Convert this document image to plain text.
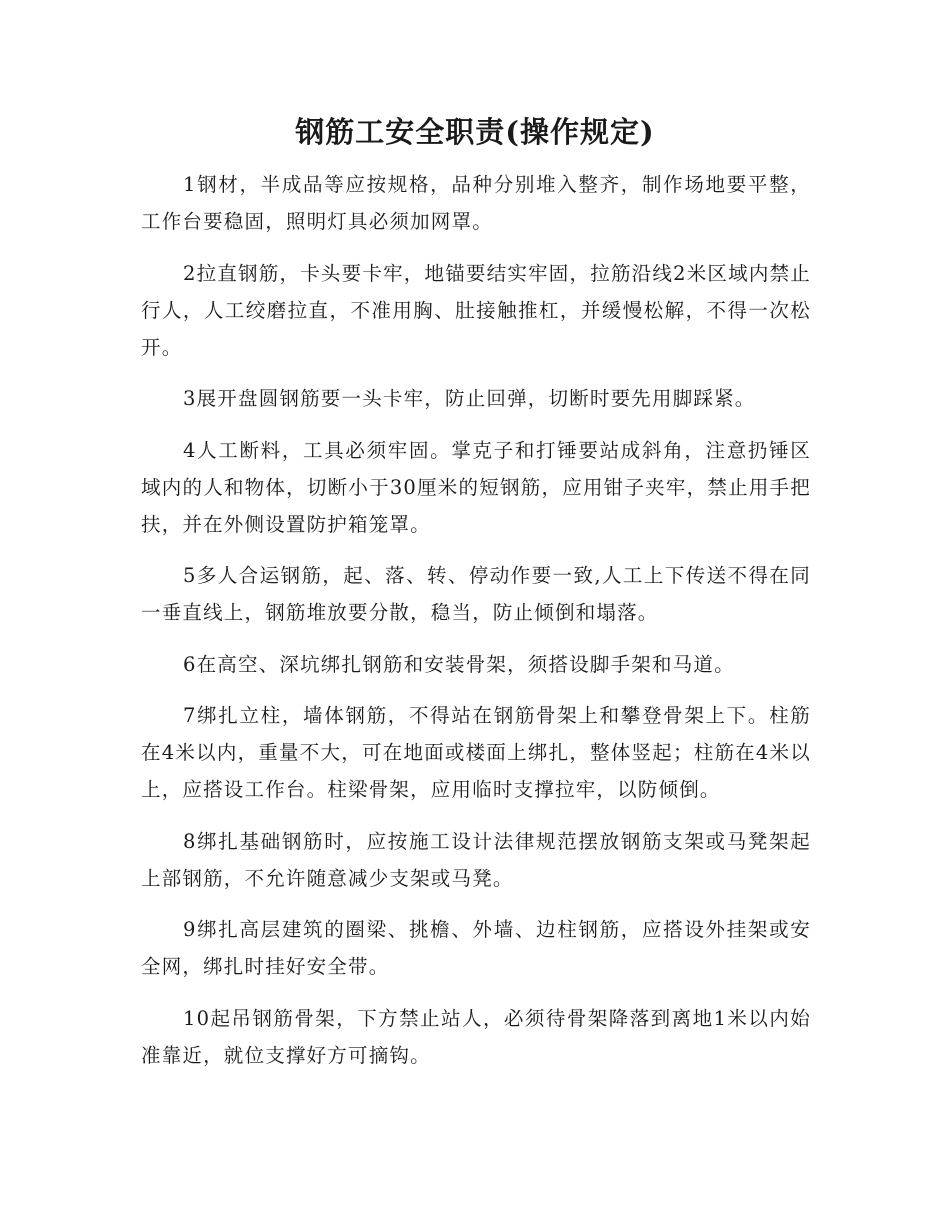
钢筋工安全职责(操作规定)

1钢材，半成品等应按规格，品种分别堆入整齐，制作场地要平整，工作台要稳固，照明灯具必须加网罩。

2拉直钢筋，卡头要卡牢，地锚要结实牢固，拉筋沿线2米区域内禁止行人，人工绞磨拉直，不准用胸、肚接触推杠，并缓慢松解，不得一次松开。

3展开盘圆钢筋要一头卡牢，防止回弹，切断时要先用脚踩紧。

4人工断料，工具必须牢固。掌克子和打锤要站成斜角，注意扔锤区域内的人和物体，切断小于30厘米的短钢筋，应用钳子夹牢，禁止用手把扶，并在外侧设置防护箱笼罩。

5多人合运钢筋，起、落、转、停动作要一致,人工上下传送不得在同一垂直线上，钢筋堆放要分散，稳当，防止倾倒和塌落。

6在高空、深坑绑扎钢筋和安装骨架，须搭设脚手架和马道。

7绑扎立柱，墙体钢筋，不得站在钢筋骨架上和攀登骨架上下。柱筋在4米以内，重量不大，可在地面或楼面上绑扎，整体竖起；柱筋在4米以上，应搭设工作台。柱梁骨架，应用临时支撑拉牢，以防倾倒。

8绑扎基础钢筋时，应按施工设计法律规范摆放钢筋支架或马凳架起上部钢筋，不允许随意减少支架或马凳。

9绑扎高层建筑的圈梁、挑檐、外墙、边柱钢筋，应搭设外挂架或安全网，绑扎时挂好安全带。

10起吊钢筋骨架，下方禁止站人，必须待骨架降落到离地1米以内始准靠近，就位支撑好方可摘钩。
